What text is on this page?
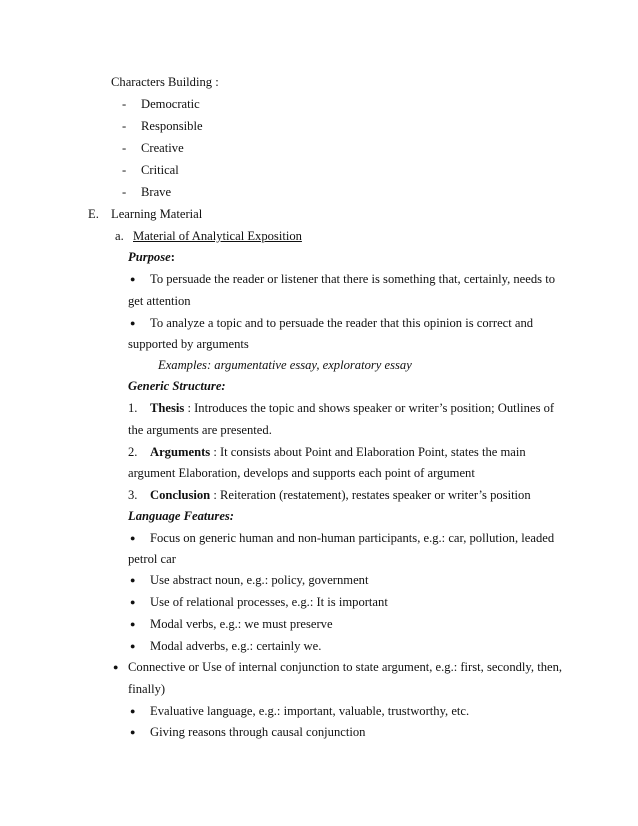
Characters Building :
- Democratic
- Responsible
- Creative
- Critical
- Brave
E. Learning Material
a. Material of Analytical Exposition
Purpose:
● To persuade the reader or listener that there is something that, certainly, needs to
get attention
● To analyze a topic and to persuade the reader that this opinion is correct and
supported by arguments
Examples: argumentative essay, exploratory essay
Generic Structure:
1. Thesis : Introduces the topic and shows speaker or writer’s position; Outlines of
the arguments are presented.
2. Arguments : It consists about Point and Elaboration Point, states the main
argument Elaboration, develops and supports each point of argument
3. Conclusion : Reiteration (restatement), restates speaker or writer’s position
Language Features:
● Focus on generic human and non-human participants, e.g.: car, pollution, leaded
petrol car
● Use abstract noun, e.g.: policy, government
● Use of relational processes, e.g.: It is important
● Modal verbs, e.g.: we must preserve
● Modal adverbs, e.g.: certainly we.
● Connective or Use of internal conjunction to state argument, e.g.: first, secondly, then,
finally)
● Evaluative language, e.g.: important, valuable, trustworthy, etc.
● Giving reasons through causal conjunction
